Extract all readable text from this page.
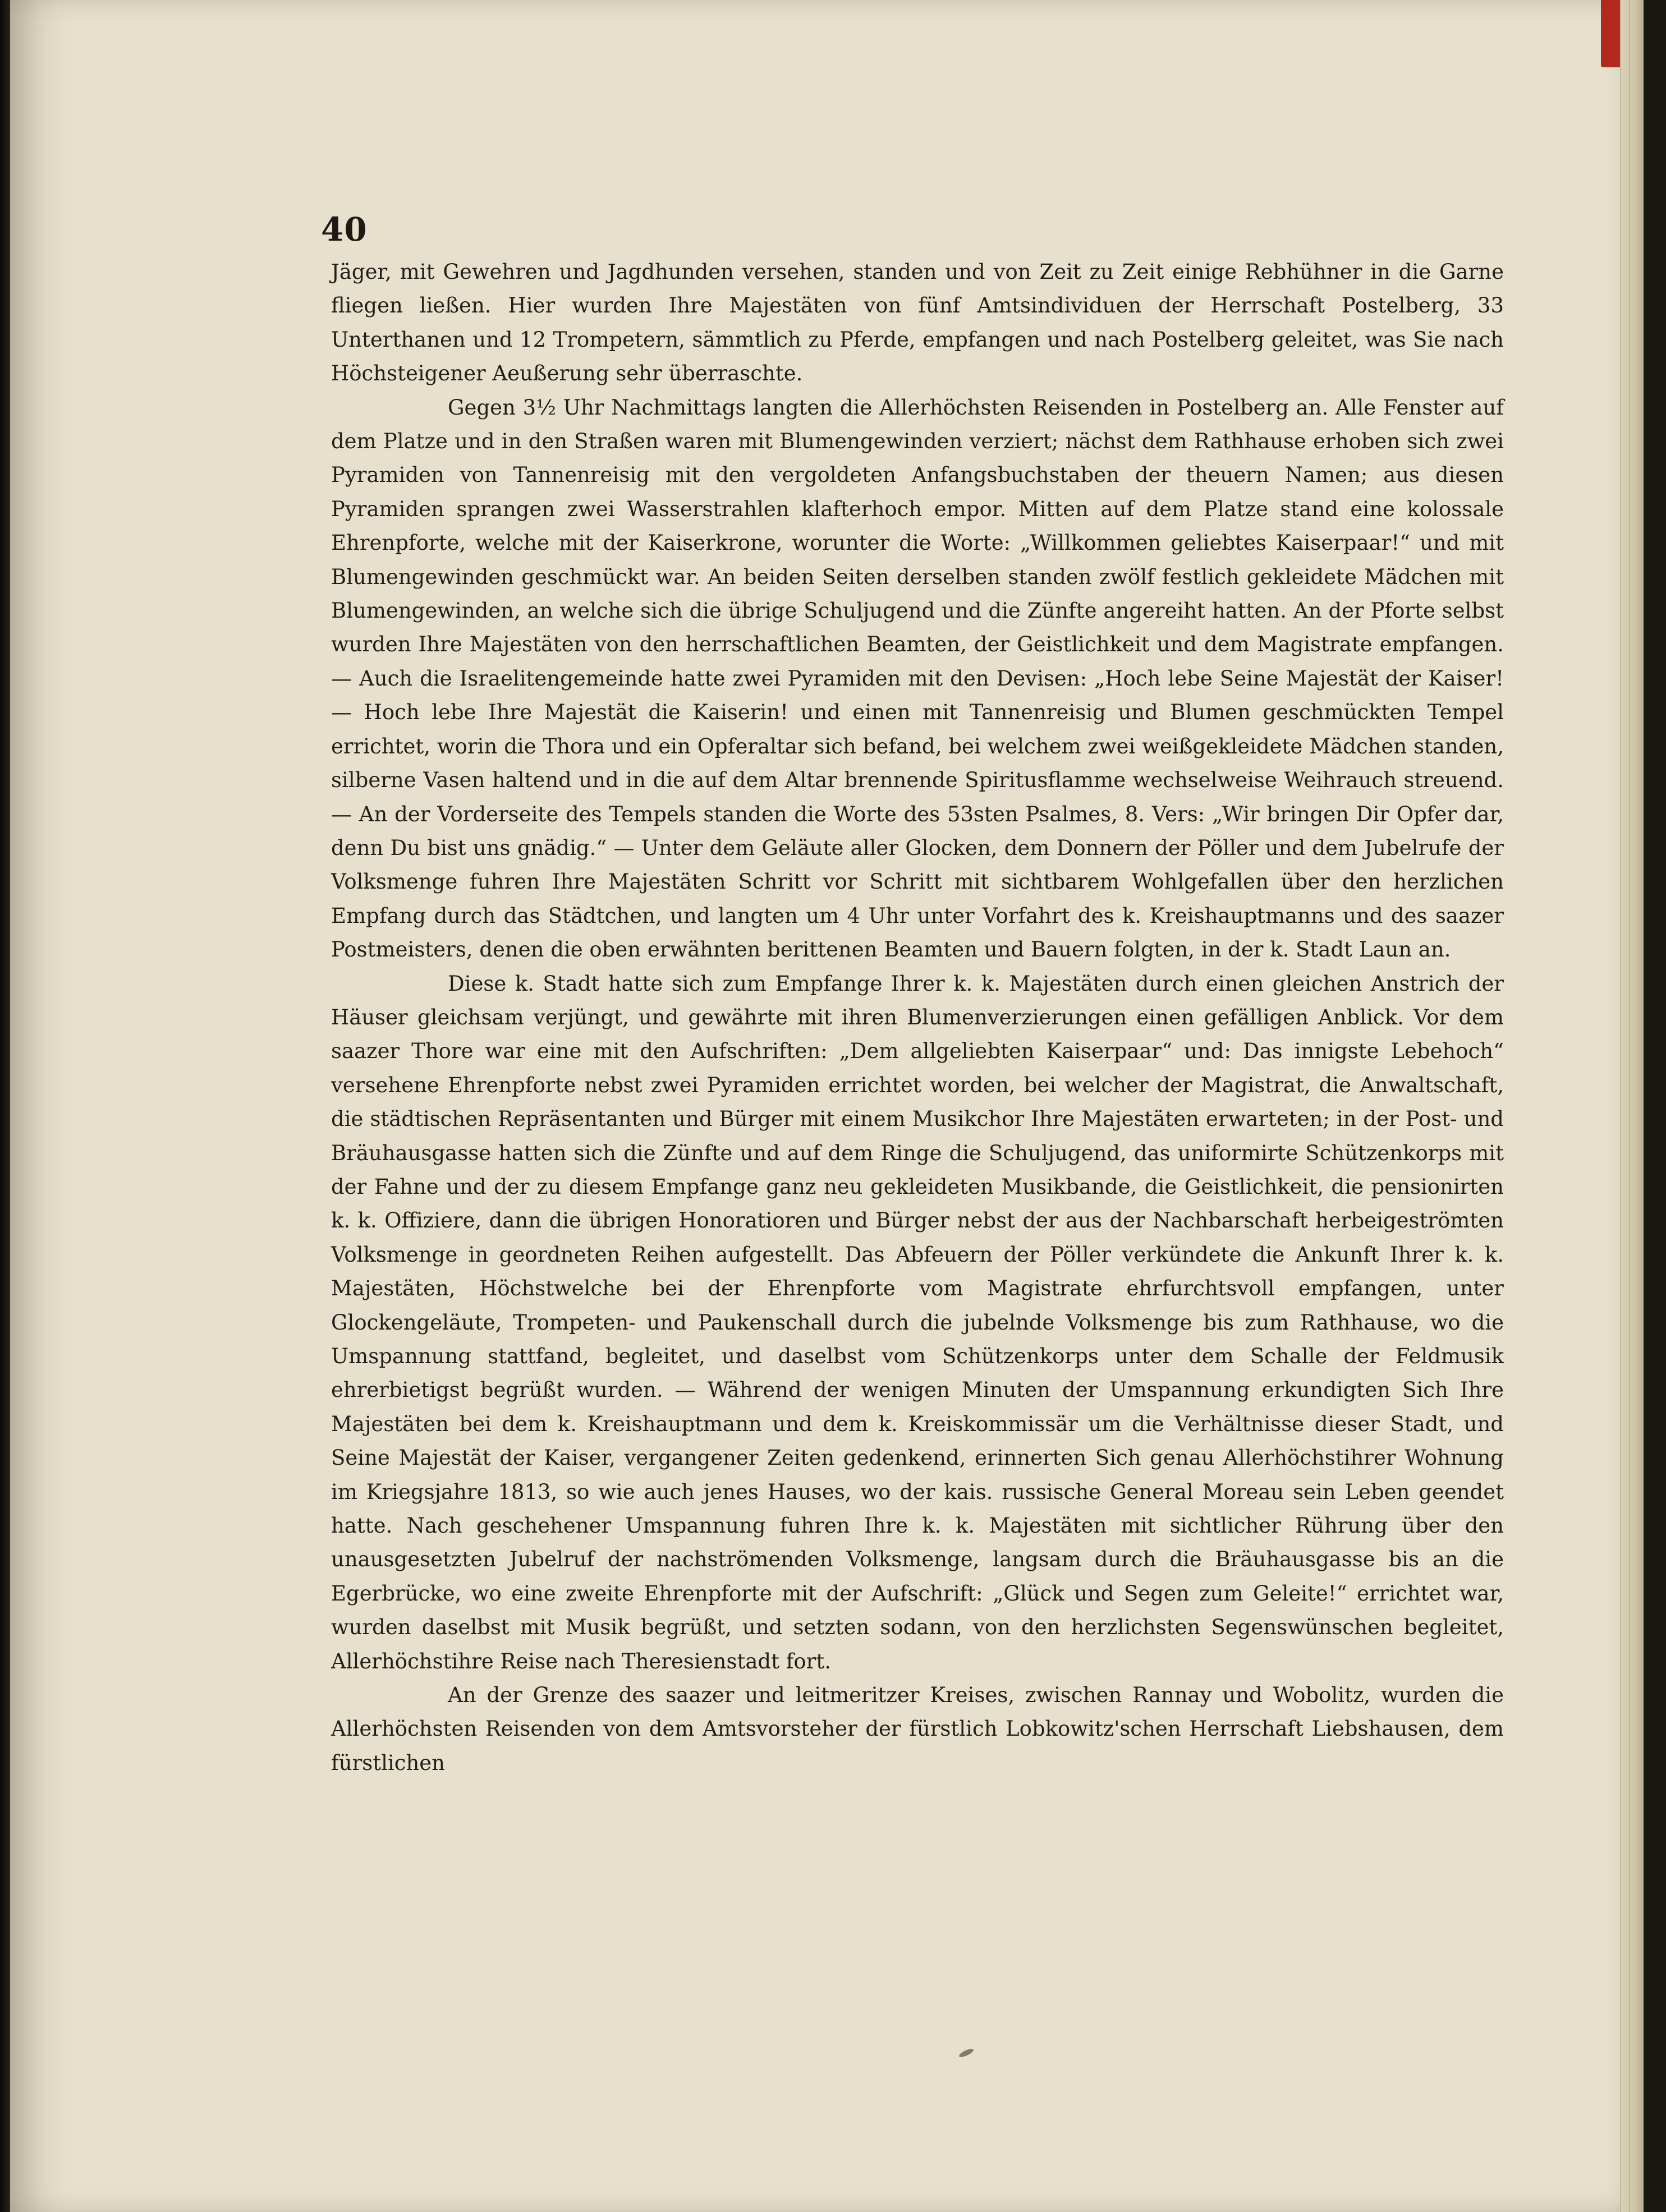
40

Jäger, mit Gewehren und Jagdhunden versehen, standen und von Zeit zu Zeit einige Rebhühner in die Garne fliegen ließen. Hier wurden Ihre Majestäten von fünf Amtsindividuen der Herrschaft Postelberg, 33 Unterthanen und 12 Trompetern, sämmtlich zu Pferde, empfangen und nach Postelberg geleitet, was Sie nach Höchsteigener Aeußerung sehr überraschte.

Gegen 3½ Uhr Nachmittags langten die Allerhöchsten Reisenden in Postelberg an. Alle Fenster auf dem Platze und in den Straßen waren mit Blumengewinden verziert; nächst dem Rathhause erhoben sich zwei Pyramiden von Tannenreisig mit den vergoldeten Anfangsbuchstaben der theuern Namen; aus diesen Pyramiden sprangen zwei Wasserstrahlen klafterhoch empor. Mitten auf dem Platze stand eine kolossale Ehrenpforte, welche mit der Kaiserkrone, worunter die Worte: „Willkommen geliebtes Kaiserpaar!“ und mit Blumengewinden geschmückt war. An beiden Seiten derselben standen zwölf festlich gekleidete Mädchen mit Blumengewinden, an welche sich die übrige Schuljugend und die Zünfte angereiht hatten. An der Pforte selbst wurden Ihre Majestäten von den herrschaftlichen Beamten, der Geistlichkeit und dem Magistrate empfangen. — Auch die Israelitengemeinde hatte zwei Pyramiden mit den Devisen: „Hoch lebe Seine Majestät der Kaiser! — Hoch lebe Ihre Majestät die Kaiserin! und einen mit Tannenreisig und Blumen geschmückten Tempel errichtet, worin die Thora und ein Opferaltar sich befand, bei welchem zwei weißgekleidete Mädchen standen, silberne Vasen haltend und in die auf dem Altar brennende Spiritusflamme wechselweise Weihrauch streuend. — An der Vorderseite des Tempels standen die Worte des 53sten Psalmes, 8. Vers: „Wir bringen Dir Opfer dar, denn Du bist uns gnädig.“ — Unter dem Geläute aller Glocken, dem Donnern der Pöller und dem Jubelrufe der Volksmenge fuhren Ihre Majestäten Schritt vor Schritt mit sichtbarem Wohlgefallen über den herzlichen Empfang durch das Städtchen, und langten um 4 Uhr unter Vorfahrt des k. Kreishauptmanns und des saazer Postmeisters, denen die oben erwähnten berittenen Beamten und Bauern folgten, in der k. Stadt Laun an.

Diese k. Stadt hatte sich zum Empfange Ihrer k. k. Majestäten durch einen gleichen Anstrich der Häuser gleichsam verjüngt, und gewährte mit ihren Blumenverzierungen einen gefälligen Anblick. Vor dem saazer Thore war eine mit den Aufschriften: „Dem allgeliebten Kaiserpaar“ und: Das innigste Lebehoch“ versehene Ehrenpforte nebst zwei Pyramiden errichtet worden, bei welcher der Magistrat, die Anwaltschaft, die städtischen Repräsentanten und Bürger mit einem Musikchor Ihre Majestäten erwarteten; in der Post- und Bräuhausgasse hatten sich die Zünfte und auf dem Ringe die Schuljugend, das uniformirte Schützenkorps mit der Fahne und der zu diesem Empfange ganz neu gekleideten Musikbande, die Geistlichkeit, die pensionirten k. k. Offiziere, dann die übrigen Honoratioren und Bürger nebst der aus der Nachbarschaft herbeigeströmten Volksmenge in geordneten Reihen aufgestellt. Das Abfeuern der Pöller verkündete die Ankunft Ihrer k. k. Majestäten, Höchstwelche bei der Ehrenpforte vom Magistrate ehrfurchtsvoll empfangen, unter Glockengeläute, Trompeten- und Paukenschall durch die jubelnde Volksmenge bis zum Rathhause, wo die Umspannung stattfand, begleitet, und daselbst vom Schützenkorps unter dem Schalle der Feldmusik ehrerbietigst begrüßt wurden. — Während der wenigen Minuten der Umspannung erkundigten Sich Ihre Majestäten bei dem k. Kreishauptmann und dem k. Kreiskommissär um die Verhältnisse dieser Stadt, und Seine Majestät der Kaiser, vergangener Zeiten gedenkend, erinnerten Sich genau Allerhöchstihrer Wohnung im Kriegsjahre 1813, so wie auch jenes Hauses, wo der kais. russische General Moreau sein Leben geendet hatte. Nach geschehener Umspannung fuhren Ihre k. k. Majestäten mit sichtlicher Rührung über den unausgesetzten Jubelruf der nachströmenden Volksmenge, langsam durch die Bräuhausgasse bis an die Egerbrücke, wo eine zweite Ehrenpforte mit der Aufschrift: „Glück und Segen zum Geleite!“ errichtet war, wurden daselbst mit Musik begrüßt, und setzten sodann, von den herzlichsten Segenswünschen begleitet, Allerhöchstihre Reise nach Theresienstadt fort.

An der Grenze des saazer und leitmeritzer Kreises, zwischen Rannay und Wobolitz, wurden die Allerhöchsten Reisenden von dem Amtsvorsteher der fürstlich Lobkowitz'schen Herrschaft Liebshausen, dem fürstlichen
